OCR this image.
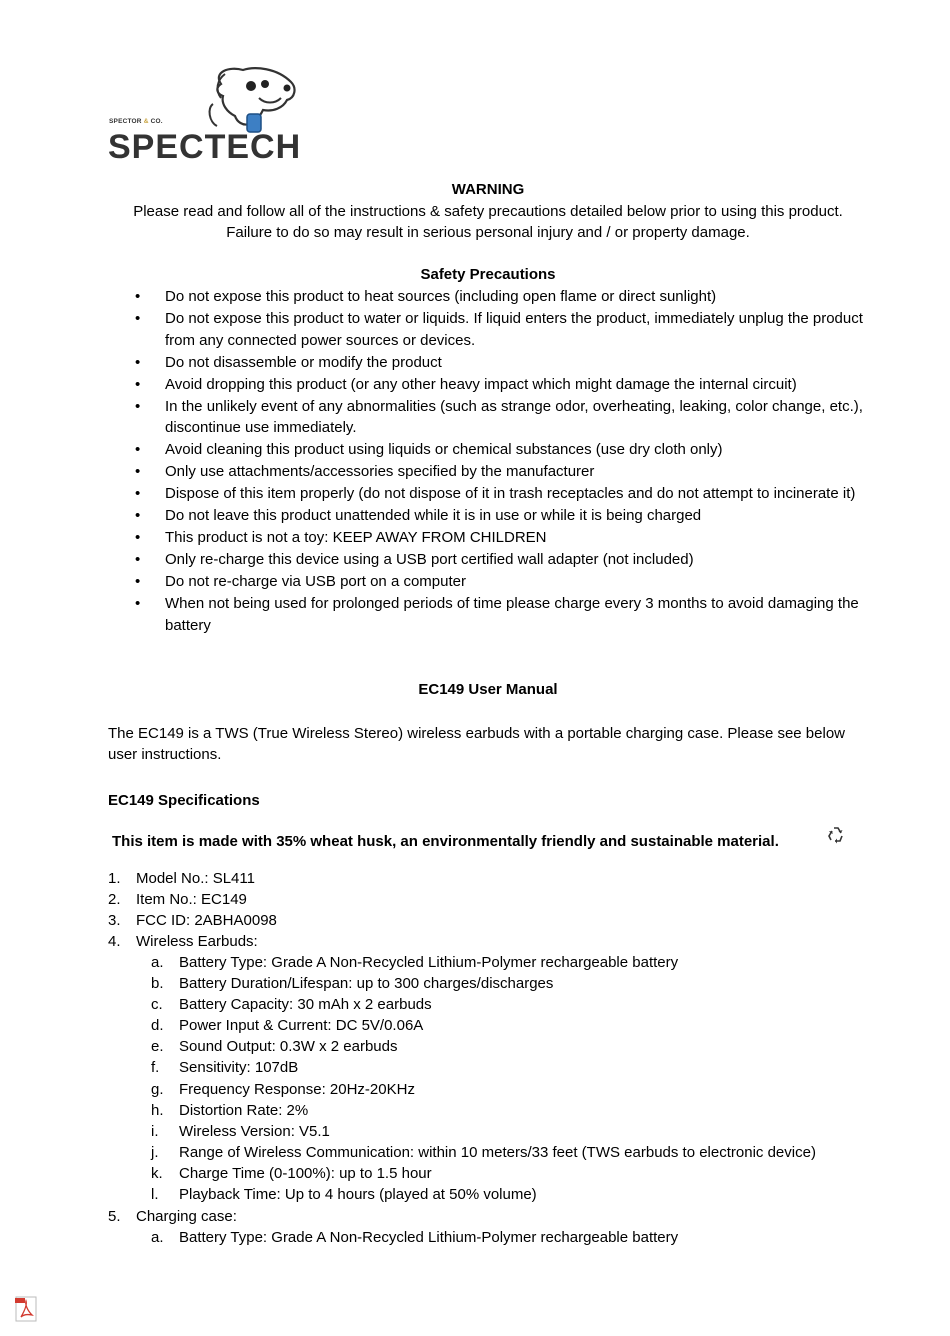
SPECTOR & CO.
SPECTECH
WARNING
Please read and follow all of the instructions & safety precautions detailed below prior to using this product.
Failure to do so may result in serious personal injury and / or property damage.
Safety Precautions
• Do not expose this product to heat sources (including open flame or direct sunlight)
• Do not expose this product to water or liquids. If liquid enters the product, immediately unplug the product from any connected power sources or devices.
• Do not disassemble or modify the product
• Avoid dropping this product (or any other heavy impact which might damage the internal circuit)
• In the unlikely event of any abnormalities (such as strange odor, overheating, leaking, color change, etc.), discontinue use immediately.
• Avoid cleaning this product using liquids or chemical substances (use dry cloth only)
• Only use attachments/accessories specified by the manufacturer
• Dispose of this item properly (do not dispose of it in trash receptacles and do not attempt to incinerate it)
• Do not leave this product unattended while it is in use or while it is being charged
• This product is not a toy: KEEP AWAY FROM CHILDREN
• Only re-charge this device using a USB port certified wall adapter (not included)
• Do not re-charge via USB port on a computer
• When not being used for prolonged periods of time please charge every 3 months to avoid damaging the battery
EC149 User Manual
The EC149 is a TWS (True Wireless Stereo) wireless earbuds with a portable charging case. Please see below user instructions.
EC149 Specifications
This item is made with 35% wheat husk, an environmentally friendly and sustainable material.
1. Model No.: SL411
2. Item No.: EC149
3. FCC ID: 2ABHA0098
4. Wireless Earbuds:
a. Battery Type: Grade A Non-Recycled Lithium-Polymer rechargeable battery
b. Battery Duration/Lifespan: up to 300 charges/discharges
c. Battery Capacity: 30 mAh x 2 earbuds
d. Power Input & Current: DC 5V/0.06A
e. Sound Output: 0.3W x 2 earbuds
f. Sensitivity: 107dB
g. Frequency Response: 20Hz-20KHz
h. Distortion Rate: 2%
i. Wireless Version: V5.1
j. Range of Wireless Communication: within 10 meters/33 feet (TWS earbuds to electronic device)
k. Charge Time (0-100%): up to 1.5 hour
l. Playback Time: Up to 4 hours (played at 50% volume)
5. Charging case:
a. Battery Type: Grade A Non-Recycled Lithium-Polymer rechargeable battery
